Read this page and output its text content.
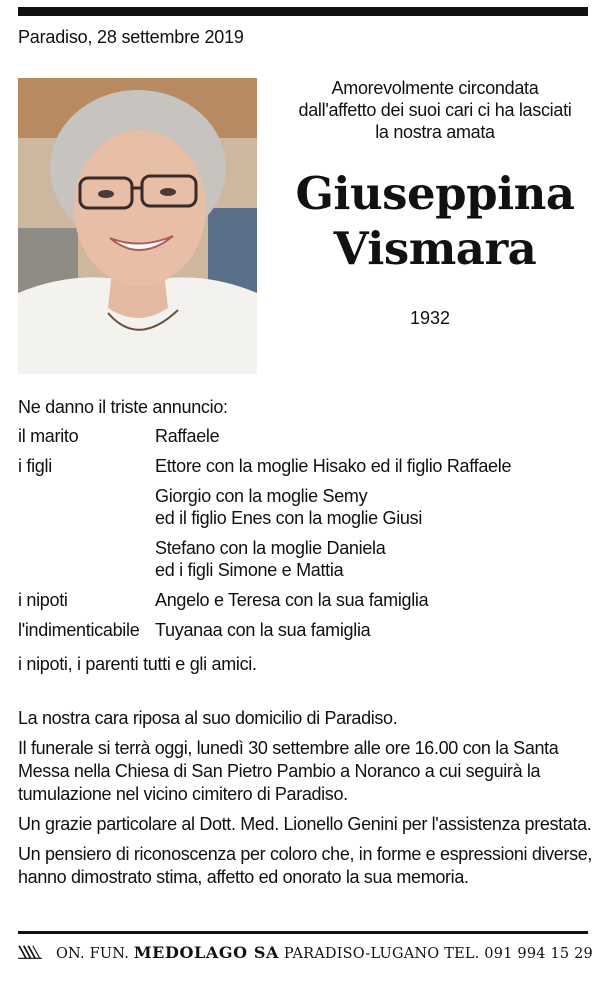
Paradiso, 28 settembre 2019
Amorevolmente circondata
dall'affetto dei suoi cari ci ha lasciati
la nostra amata
Giuseppina
Vismara
1932
Ne danno il triste annuncio:
il marito	Raffaele
i figli	Ettore con la moglie Hisako ed il figlio Raffaele
Giorgio con la moglie Semy
ed il figlio Enes con la moglie Giusi
Stefano con la moglie Daniela
ed i figli Simone e Mattia
i nipoti	Angelo e Teresa con la sua famiglia
l'indimenticabile Tuyanaa con la sua famiglia
i nipoti, i parenti tutti e gli amici.

La nostra cara riposa al suo domicilio di Paradiso.

Il funerale si terrà oggi, lunedì 30 settembre alle ore 16.00 con la Santa Messa nella Chiesa di San Pietro Pambio a Noranco a cui seguirà la tumulazione nel vicino cimitero di Paradiso.

Un grazie particolare al Dott. Med. Lionello Genini per l'assistenza prestata.

Un pensiero di riconoscenza per coloro che, in forme e espressioni diverse, hanno dimostrato stima, affetto ed onorato la sua memoria.

ON. FUN. MEDOLAGO SA PARADISO-LUGANO TEL. 091 994 15 29
